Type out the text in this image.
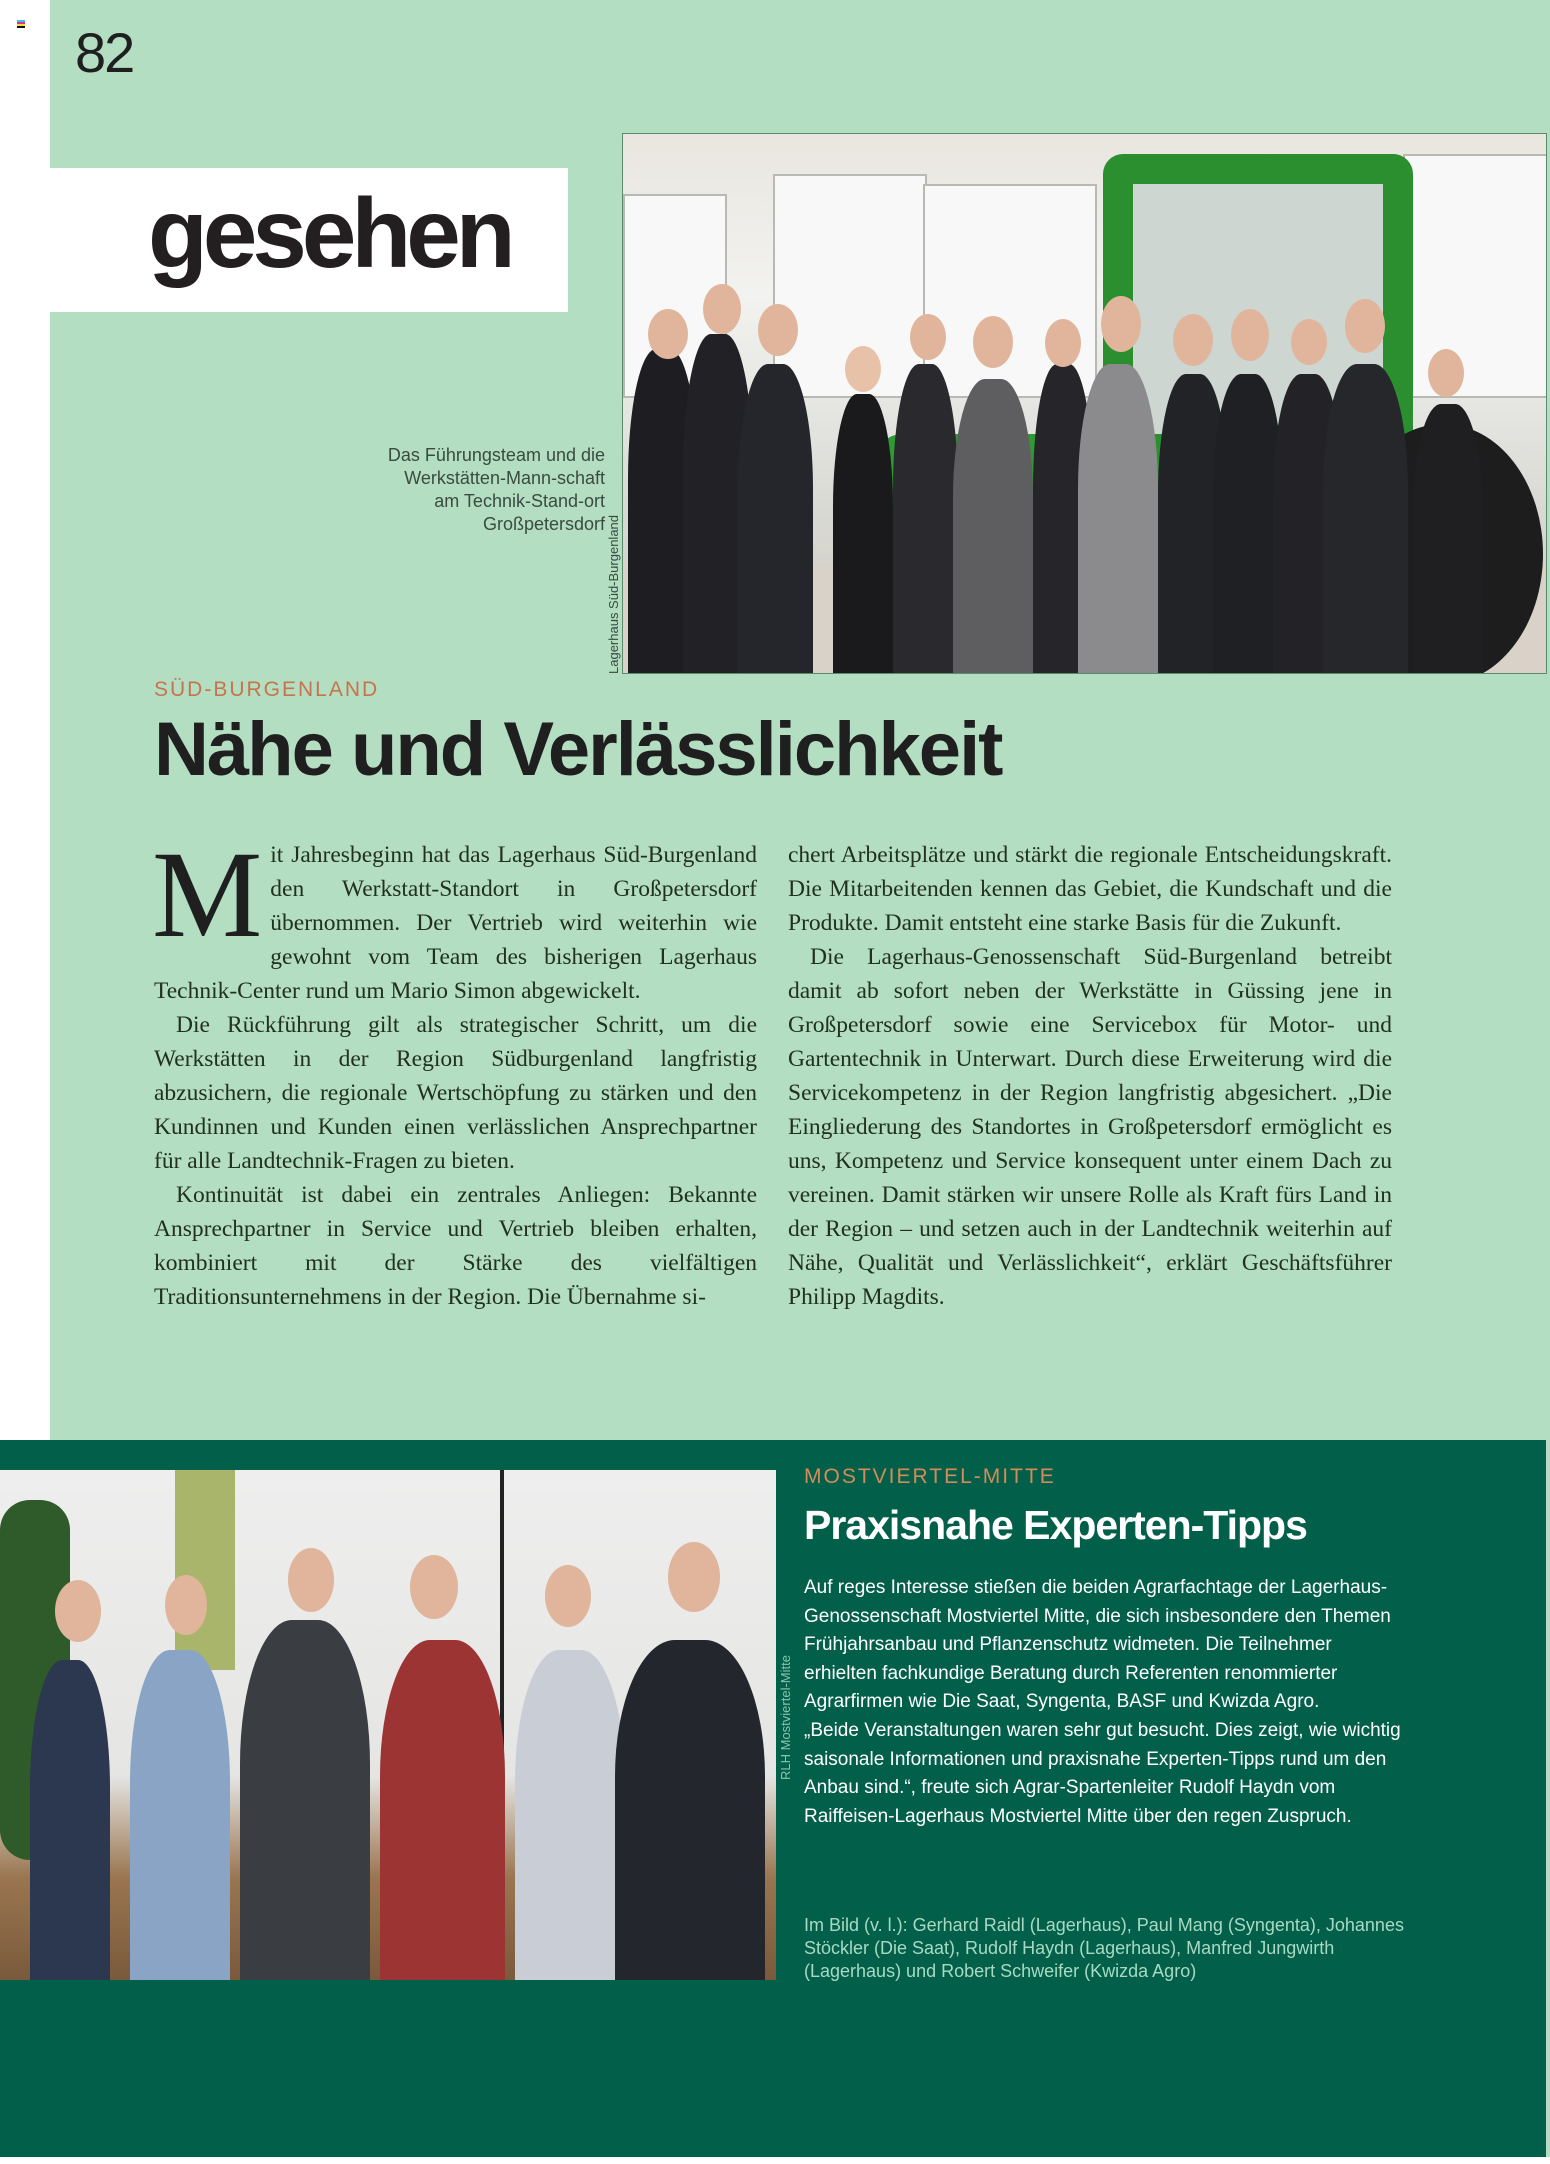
82
gesehen
Lagerhaus Süd-Burgenland
Das Führungsteam und die Werkstätten-Mann-schaft am Technik-Stand-ort Großpetersdorf
SÜD-BURGENLAND
Nähe und Verlässlichkeit

Mit Jahresbeginn hat das Lagerhaus Süd-Burgenland den Werkstatt-Standort in Großpetersdorf übernommen. Der Vertrieb wird weiterhin wie gewohnt vom Team des bisherigen Lagerhaus Technik-Center rund um Mario Simon abgewickelt.

Die Rückführung gilt als strategischer Schritt, um die Werkstätten in der Region Südburgenland langfristig abzusichern, die regionale Wertschöpfung zu stärken und den Kundinnen und Kunden einen verlässlichen Ansprechpartner für alle Landtechnik-Fragen zu bieten.

Kontinuität ist dabei ein zentrales Anliegen: Bekannte Ansprechpartner in Service und Vertrieb bleiben erhalten, kombiniert mit der Stärke des vielfältigen Traditionsunternehmens in der Region. Die Übernahme si-

chert Arbeitsplätze und stärkt die regionale Entscheidungskraft. Die Mitarbeitenden kennen das Gebiet, die Kundschaft und die Produkte. Damit entsteht eine starke Basis für die Zukunft.

Die Lagerhaus-Genossenschaft Süd-Burgenland betreibt damit ab sofort neben der Werkstätte in Güssing jene in Großpetersdorf sowie eine Servicebox für Motor- und Gartentechnik in Unterwart. Durch diese Erweiterung wird die Servicekompetenz in der Region langfristig abgesichert. „Die Eingliederung des Standortes in Großpetersdorf ermöglicht es uns, Kompetenz und Service konsequent unter einem Dach zu vereinen. Damit stärken wir unsere Rolle als Kraft fürs Land in der Region – und setzen auch in der Landtechnik weiterhin auf Nähe, Qualität und Verlässlichkeit“, erklärt Geschäftsführer Philipp Magdits.

RLH Mostviertel-Mitte
MOSTVIERTEL-MITTE
Praxisnahe Experten-Tipps

Auf reges Interesse stießen die beiden Agrarfachtage der Lagerhaus-Genossenschaft Mostviertel Mitte, die sich insbesondere den Themen Frühjahrsanbau und Pflanzenschutz widmeten. Die Teilnehmer erhielten fachkundige Beratung durch Referenten renommierter Agrarfirmen wie Die Saat, Syngenta, BASF und Kwizda Agro.

„Beide Veranstaltungen waren sehr gut besucht. Dies zeigt, wie wichtig saisonale Informationen und praxisnahe Experten-Tipps rund um den Anbau sind.“, freute sich Agrar-Spartenleiter Rudolf Haydn vom Raiffeisen-Lagerhaus Mostviertel Mitte über den regen Zuspruch.

Im Bild (v. l.): Gerhard Raidl (Lagerhaus), Paul Mang (Syngenta), Johannes Stöckler (Die Saat), Rudolf Haydn (Lagerhaus), Manfred Jungwirth (Lagerhaus) und Robert Schweifer (Kwizda Agro)
